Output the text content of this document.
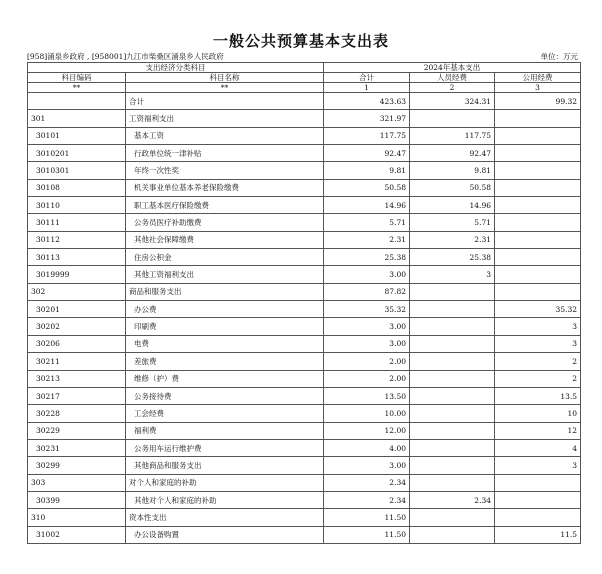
一般公共预算基本支出表
[958]涌泉乡政府 , [958001]九江市柴桑区涌泉乡人民政府	单位：万元
支出经济分类科目		2024年基本支出		
科目编码	科目名称	合计	人员经费	公用经费
**	**	1	2	3
	合计	423.63	324.31	99.32
301	工资福利支出	321.97		
30101	基本工资	117.75	117.75	
3010201	行政单位统一津补贴	92.47	92.47	
3010301	年终一次性奖	9.81	9.81	
30108	机关事业单位基本养老保险缴费	50.58	50.58	
30110	职工基本医疗保险缴费	14.96	14.96	
30111	公务员医疗补助缴费	5.71	5.71	
30112	其他社会保障缴费	2.31	2.31	
30113	住房公积金	25.38	25.38	
3019999	其他工资福利支出	3.00	3	
302	商品和服务支出	87.82		
30201	办公费	35.32		35.32
30202	印刷费	3.00		3
30206	电费	3.00		3
30211	差旅费	2.00		2
30213	维修（护）费	2.00		2
30217	公务接待费	13.50		13.5
30228	工会经费	10.00		10
30229	福利费	12.00		12
30231	公务用车运行维护费	4.00		4
30299	其他商品和服务支出	3.00		3
303	对个人和家庭的补助	2.34		
30399	其他对个人和家庭的补助	2.34	2.34	
310	资本性支出	11.50		
31002	办公设备购置	11.50		11.5
